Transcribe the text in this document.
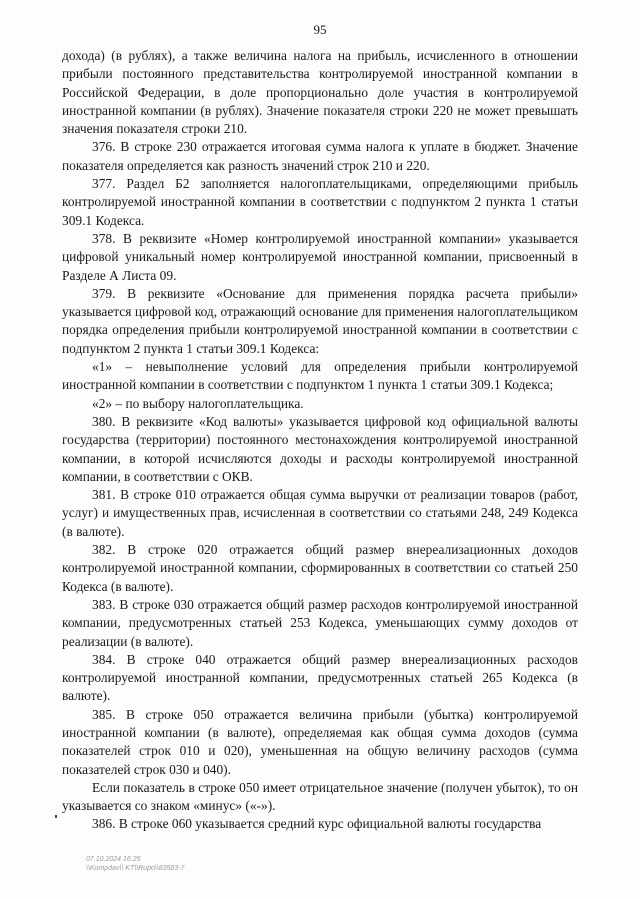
95

дохода) (в рублях), а также величина налога на прибыль, исчисленного в отношении прибыли постоянного представительства контролируемой иностранной компании в Российской Федерации, в доле пропорционально доле участия в контролируемой иностранной компании (в рублях). Значение показателя строки 220 не может превышать значения показателя строки 210.

376. В строке 230 отражается итоговая сумма налога к уплате в бюджет. Значение показателя определяется как разность значений строк 210 и 220.

377. Раздел Б2 заполняется налогоплательщиками, определяющими прибыль контролируемой иностранной компании в соответствии с подпунктом 2 пункта 1 статьи 309.1 Кодекса.

378. В реквизите «Номер контролируемой иностранной компании» указывается цифровой уникальный номер контролируемой иностранной компании, присвоенный в Разделе А Листа 09.

379. В реквизите «Основание для применения порядка расчета прибыли» указывается цифровой код, отражающий основание для применения налогоплательщиком порядка определения прибыли контролируемой иностранной компании в соответствии с подпунктом 2 пункта 1 статьи 309.1 Кодекса:

«1» – невыполнение условий для определения прибыли контролируемой иностранной компании в соответствии с подпунктом 1 пункта 1 статьи 309.1 Кодекса;

«2» – по выбору налогоплательщика.

380. В реквизите «Код валюты» указывается цифровой код официальной валюты государства (территории) постоянного местонахождения контролируемой иностранной компании, в которой исчисляются доходы и расходы контролируемой иностранной компании, в соответствии с ОКВ.

381. В строке 010 отражается общая сумма выручки от реализации товаров (работ, услуг) и имущественных прав, исчисленная в соответствии со статьями 248, 249 Кодекса (в валюте).

382. В строке 020 отражается общий размер внереализационных доходов контролируемой иностранной компании, сформированных в соответствии со статьей 250 Кодекса (в валюте).

383. В строке 030 отражается общий размер расходов контролируемой иностранной компании, предусмотренных статьей 253 Кодекса, уменьшающих сумму доходов от реализации (в валюте).

384. В строке 040 отражается общий размер внереализационных расходов контролируемой иностранной компании, предусмотренных статьей 265 Кодекса (в валюте).

385. В строке 050 отражается величина прибыли (убытка) контролируемой иностранной компании (в валюте), определяемая как общая сумма доходов (сумма показателей строк 010 и 020), уменьшенная на общую величину расходов (сумма показателей строк 030 и 040).

Если показатель в строке 050 имеет отрицательное значение (получен убыток), то он указывается со знаком «минус» («-»).

386. В строке 060 указывается средний курс официальной валюты государства

07.10.2024 16:25
\\Kompdav\\ KT\\Rupo\\83583-7
